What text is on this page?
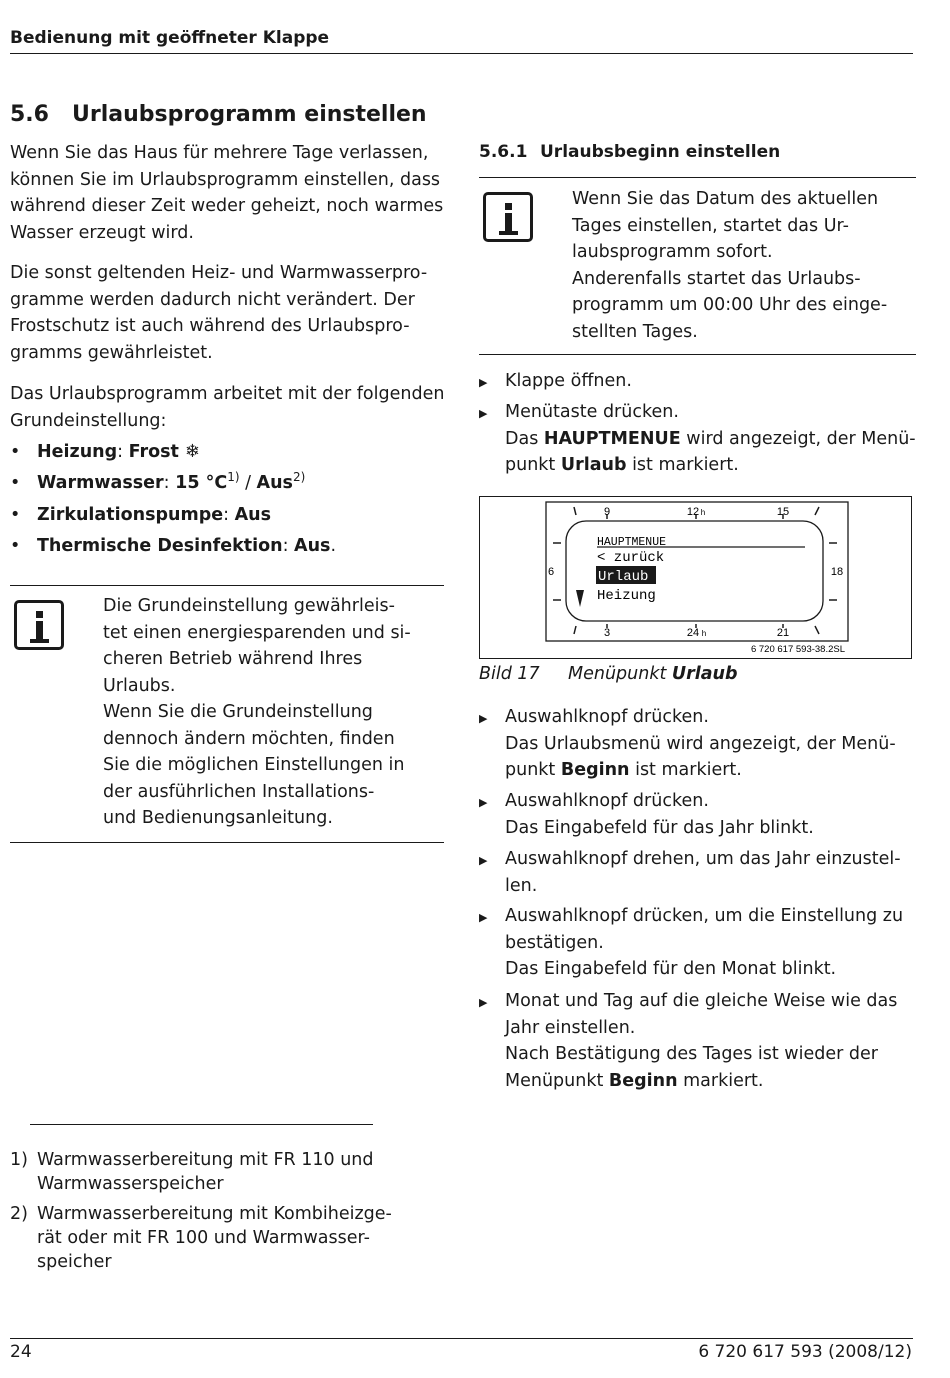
Bedienung mit geöffneter Klappe
5.6 Urlaubsprogramm einstellen
Wenn Sie das Haus für mehrere Tage verlassen,
können Sie im Urlaubsprogramm einstellen, dass
während dieser Zeit weder geheizt, noch warmes
Wasser erzeugt wird.
Die sonst geltenden Heiz- und Warmwasserpro-
gramme werden dadurch nicht verändert. Der
Frostschutz ist auch während des Urlaubspro-
gramms gewährleistet.
Das Urlaubsprogramm arbeitet mit der folgenden
Grundeinstellung:
• Heizung: Frost ❄
• Warmwasser: 15 $^\circ C^{1)} / Aus^{2)}$
• Zirkulationspumpe: Aus
• Thermische Desinfektion: Aus.
Die Grundeinstellung gewährleis-
tet einen energiesparenden und si-
cheren Betrieb während Ihres
Urlaubs.
Wenn Sie die Grundeinstellung
dennoch ändern möchten, finden
Sie die möglichen Einstellungen in
der ausführlichen Installations-
und Bedienungsanleitung.
5.6.1 Urlaubsbeginn einstellen
Wenn Sie das Datum des aktuellen
Tages einstellen, startet das Ur-
laubsprogramm sofort.
Anderenfalls startet das Urlaubs-
programm um 00:00 Uhr des einge-
stellten Tages.
▶ Klappe öffnen.
▶ Menütaste drücken.
Das HAUPTMENUE wird angezeigt, der Menü-
punkt Urlaub ist markiert.
9	12 h	15
6	18
3	24 h	21
HAUPTMENUE
< zurück
Urlaub
Heizung
6 720 617 593-38.2SL
Bild 17 Menüpunkt Urlaub
▶ Auswahlknopf drücken.
Das Urlaubsmenü wird angezeigt, der Menü-
punkt Beginn ist markiert.
▶ Auswahlknopf drücken.
Das Eingabefeld für das Jahr blinkt.
▶ Auswahlknopf drehen, um das Jahr einzustel-
len.
▶ Auswahlknopf drücken, um die Einstellung zu
bestätigen.
Das Eingabefeld für den Monat blinkt.
▶ Monat und Tag auf die gleiche Weise wie das
Jahr einstellen.
Nach Bestätigung des Tages ist wieder der
Menüpunkt Beginn markiert.
1) Warmwasserbereitung mit FR 110 und
Warmwasserspeicher
2) Warmwasserbereitung mit Kombiheizge-
rät oder mit FR 100 und Warmwasser-
speicher
24	6 720 617 593 (2008/12)
